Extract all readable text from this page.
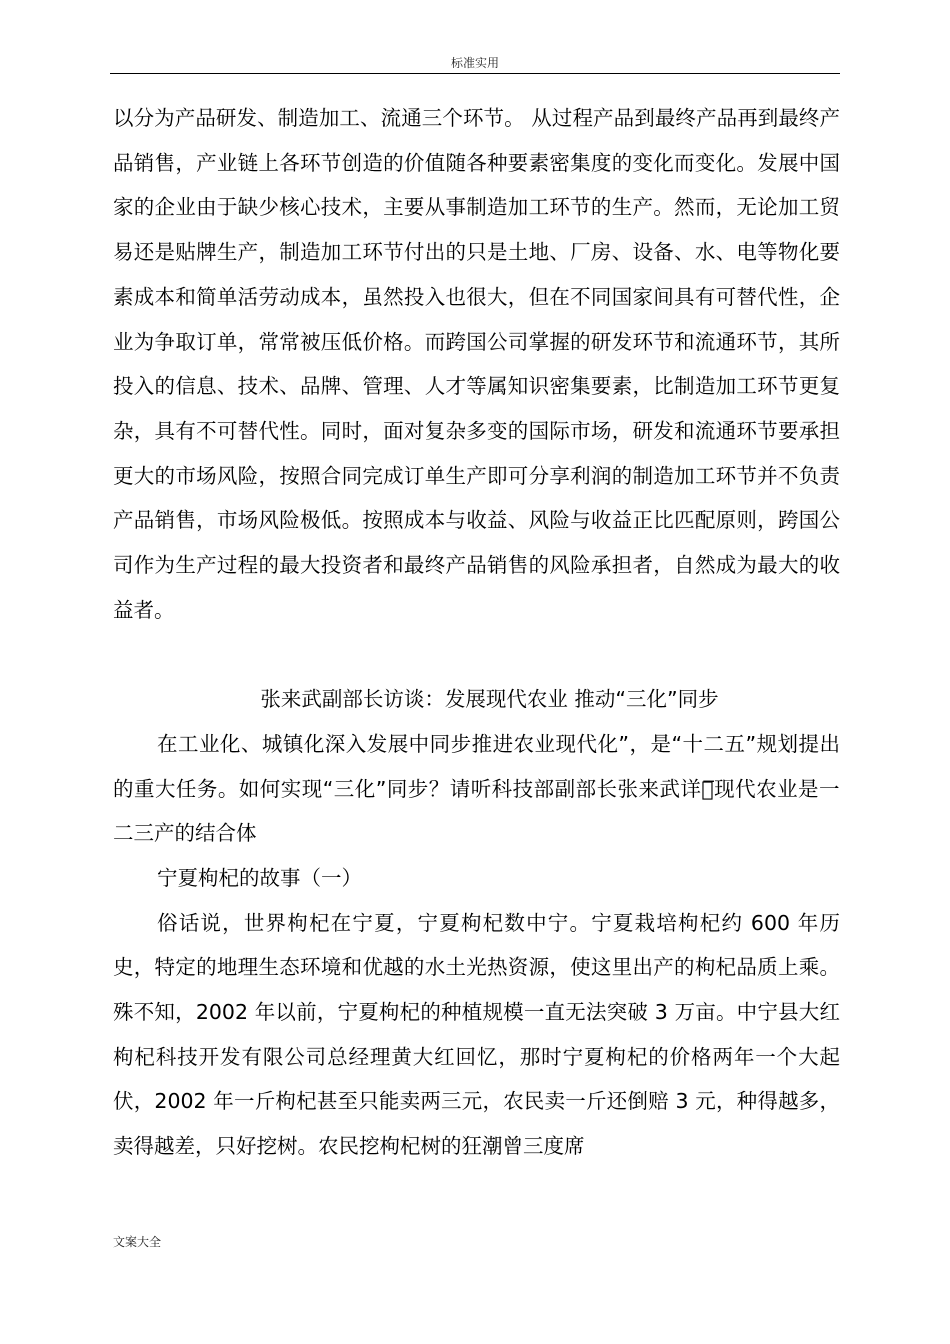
标准实用

以分为产品研发、制造加工、流通三个环节。 从过程产品到最终产品再到最终产品销售，产业链上各环节创造的价值随各种要素密集度的变化而变化。发展中国家的企业由于缺少核心技术，主要从事制造加工环节的生产。然而，无论加工贸易还是贴牌生产，制造加工环节付出的只是土地、厂房、设备、水、电等物化要素成本和简单活劳动成本，虽然投入也很大，但在不同国家间具有可替代性，企业为争取订单，常常被压低价格。而跨国公司掌握的研发环节和流通环节，其所投入的信息、技术、品牌、管理、人才等属知识密集要素，比制造加工环节更复杂，具有不可替代性。同时，面对复杂多变的国际市场，研发和流通环节要承担更大的市场风险，按照合同完成订单生产即可分享利润的制造加工环节并不负责产品销售，市场风险极低。按照成本与收益、风险与收益正比匹配原则，跨国公司作为生产过程的最大投资者和最终产品销售的风险承担者，自然成为最大的收益者。

张来武副部长访谈：发展现代农业 推动“三化”同步

在工业化、城镇化深入发展中同步推进农业现代化”，是“十二五”规划提出的重大任务。如何实现“三化”同步？请听科技部副部长张来武详解̅现代农业是一二三产的结合体

宁夏枸杞的故事（一）

俗话说，世界枸杞在宁夏，宁夏枸杞数中宁。宁夏栽培枸杞约 600 年历史，特定的地理生态环境和优越的水土光热资源，使这里出产的枸杞品质上乘。殊不知，2002 年以前，宁夏枸杞的种植规模一直无法突破 3 万亩。中宁县大红枸杞科技开发有限公司总经理黄大红回忆，那时宁夏枸杞的价格两年一个大起伏，2002 年一斤枸杞甚至只能卖两三元，农民卖一斤还倒赔 3 元，种得越多，卖得越差，只好挖树。农民挖枸杞树的狂潮曾三度席

文案大全
